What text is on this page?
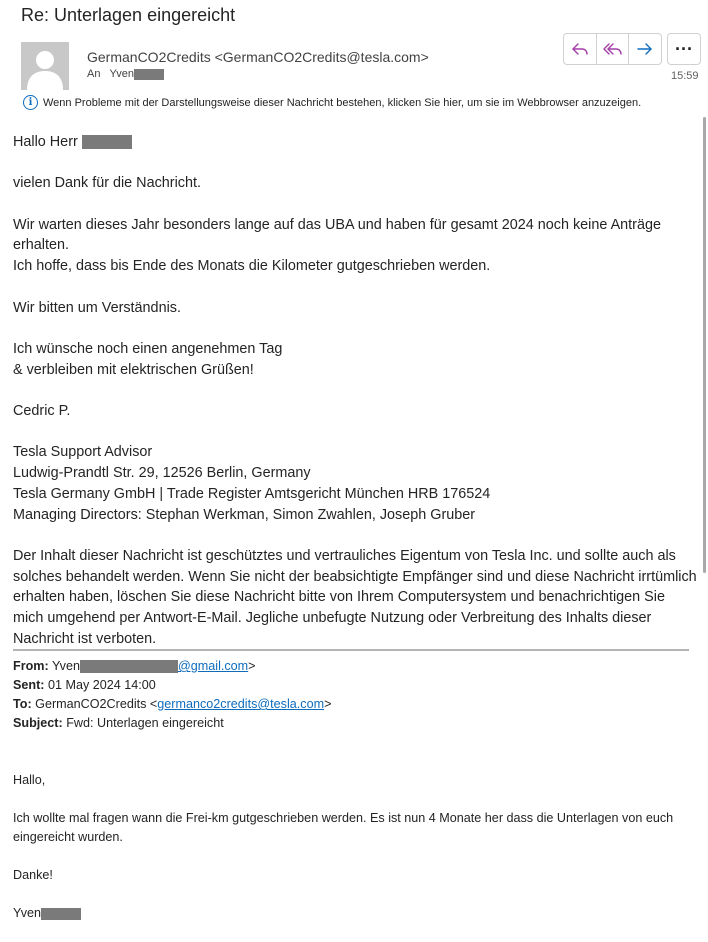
Re: Unterlagen eingereicht
GermanCO2Credits <GermanCO2Credits@tesla.com>
An Yven
···
15:59
i Wenn Probleme mit der Darstellungsweise dieser Nachricht bestehen, klicken Sie hier, um sie im Webbrowser anzuzeigen.

Hallo Herr

vielen Dank für die Nachricht.

Wir warten dieses Jahr besonders lange auf das UBA und haben für gesamt 2024 noch keine Anträge erhalten.
Ich hoffe, dass bis Ende des Monats die Kilometer gutgeschrieben werden.

Wir bitten um Verständnis.

Ich wünsche noch einen angenehmen Tag
& verbleiben mit elektrischen Grüßen!

Cedric P.

Tesla Support Advisor
Ludwig-Prandtl Str. 29, 12526 Berlin, Germany
Tesla Germany GmbH | Trade Register Amtsgericht München HRB 176524
Managing Directors: Stephan Werkman, Simon Zwahlen, Joseph Gruber

Der Inhalt dieser Nachricht ist geschütztes und vertrauliches Eigentum von Tesla Inc. und sollte auch als solches behandelt werden. Wenn Sie nicht der beabsichtigte Empfänger sind und diese Nachricht irrtümlich erhalten haben, löschen Sie diese Nachricht bitte von Ihrem Computersystem und benachrichtigen Sie mich umgehend per Antwort-E-Mail. Jegliche unbefugte Nutzung oder Verbreitung des Inhalts dieser Nachricht ist verboten.

From: Yven	@gmail.com>
Sent: 01 May 2024 14:00
To: GermanCO2Credits <germanco2credits@tesla.com>
Subject: Fwd: Unterlagen eingereicht

Hallo,

Ich wollte mal fragen wann die Frei-km gutgeschrieben werden. Es ist nun 4 Monate her dass die Unterlagen von euch eingereicht wurden.

Danke!

Yven
